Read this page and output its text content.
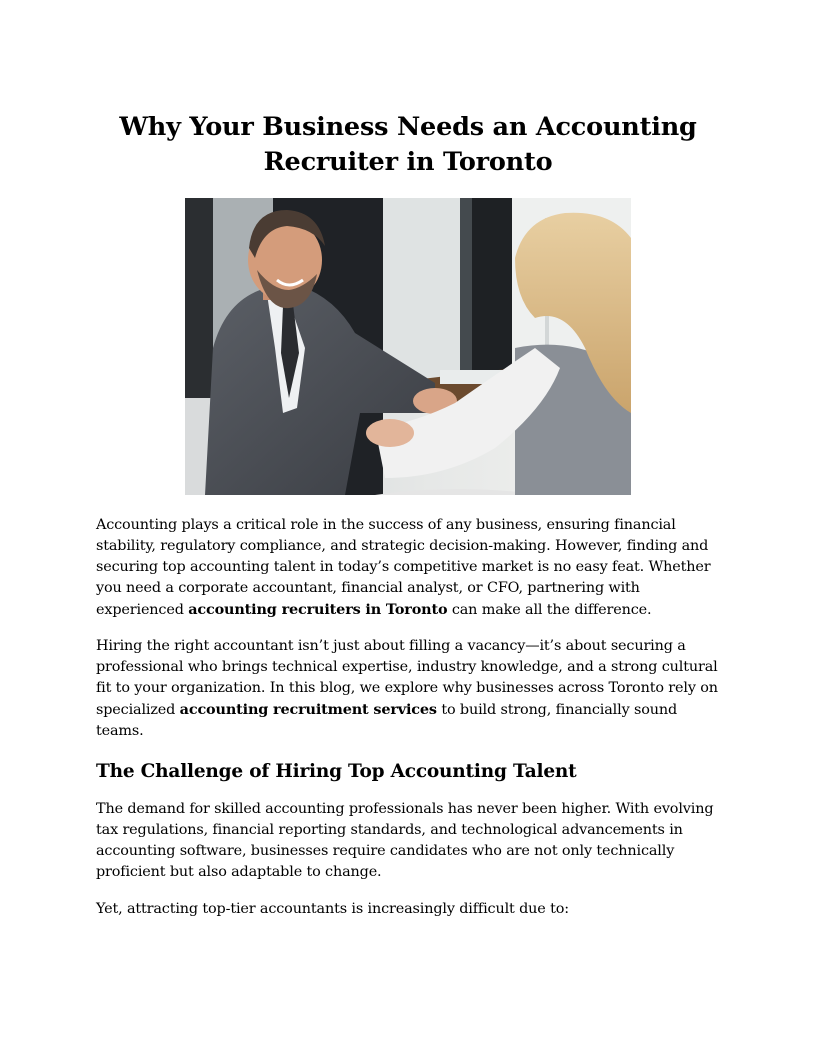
Why Your Business Needs an Accounting
Recruiter in Toronto

Accounting plays a critical role in the success of any business, ensuring financial stability, regulatory compliance, and strategic decision-making. However, finding and securing top accounting talent in today’s competitive market is no easy feat. Whether you need a corporate accountant, financial analyst, or CFO, partnering with experienced accounting recruiters in Toronto can make all the difference.

Hiring the right accountant isn’t just about filling a vacancy—it’s about securing a professional who brings technical expertise, industry knowledge, and a strong cultural fit to your organization. In this blog, we explore why businesses across Toronto rely on specialized accounting recruitment services to build strong, financially sound teams.

The Challenge of Hiring Top Accounting Talent

The demand for skilled accounting professionals has never been higher. With evolving tax regulations, financial reporting standards, and technological advancements in accounting software, businesses require candidates who are not only technically proficient but also adaptable to change.

Yet, attracting top-tier accountants is increasingly difficult due to:
